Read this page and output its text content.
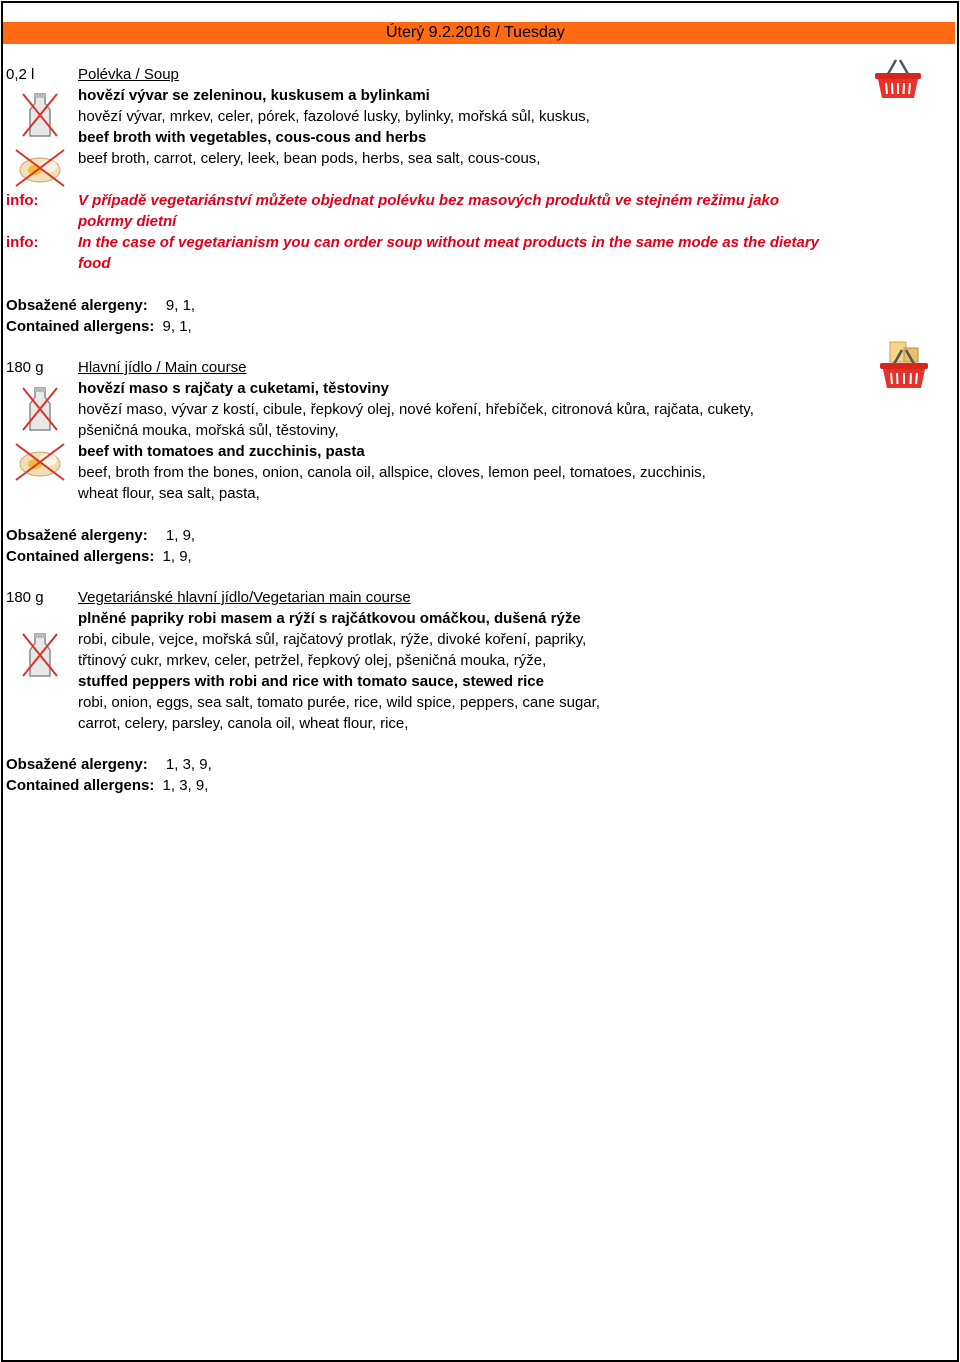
Úterý 9.2.2016 / Tuesday
0,2 l	Polévka / Soup
hovězí vývar se zeleninou, kuskusem a bylinkami
hovězí vývar, mrkev, celer, pórek, fazolové lusky, bylinky, mořská sůl, kuskus,
beef broth with vegetables, cous-cous and herbs
beef broth, carrot, celery, leek, bean pods, herbs, sea salt, cous-cous,
info:	V případě vegetariánství můžete objednat polévku bez masových produktů ve stejném režimu jako
pokrmy dietní
info:	In the case of vegetarianism you can order soup without meat products in the same mode as the dietary
food
Obsažené alergeny: 9, 1,
Contained allergens: 9, 1,
180 g Hlavní jídlo / Main course
hovězí maso s rajčaty a cuketami, těstoviny
hovězí maso, vývar z kostí, cibule, řepkový olej, nové koření, hřebíček, citronová kůra, rajčata, cukety,
pšeničná mouka, mořská sůl, těstoviny,
beef with tomatoes and zucchinis, pasta
beef, broth from the bones, onion, canola oil, allspice, cloves, lemon peel, tomatoes, zucchinis,
wheat flour, sea salt, pasta,
Obsažené alergeny: 1, 9,
Contained allergens: 1, 9,
180 g Vegetariánské hlavní jídlo/Vegetarian main course
plněné papriky robi masem a rýží s rajčátkovou omáčkou, dušená rýže
robi, cibule, vejce, mořská sůl, rajčatový protlak, rýže, divoké koření, papriky,
třtinový cukr, mrkev, celer, petržel, řepkový olej, pšeničná mouka, rýže,
stuffed peppers with robi and rice with tomato sauce, stewed rice
robi, onion, eggs, sea salt, tomato purée, rice, wild spice, peppers, cane sugar,
carrot, celery, parsley, canola oil, wheat flour, rice,
Obsažené alergeny: 1, 3, 9,
Contained allergens: 1, 3, 9,
